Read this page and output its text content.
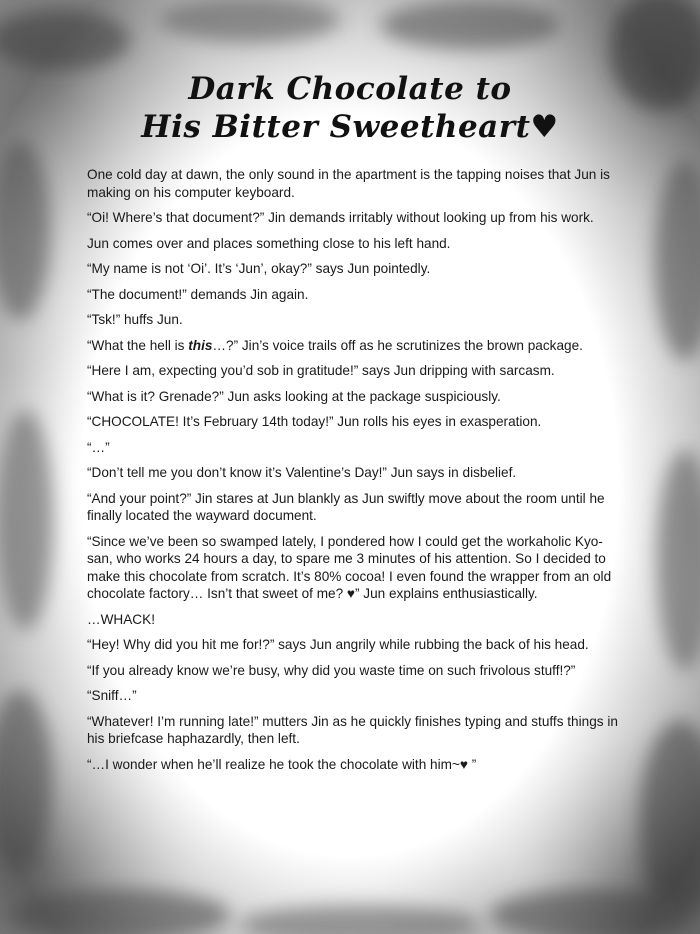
Dark Chocolate to
His Bitter Sweetheart♥

One cold day at dawn, the only sound in the apartment is the tapping noises that Jun is making on his computer keyboard.

“Oi! Where’s that document?” Jin demands irritably without looking up from his work.

Jun comes over and places something close to his left hand.

“My name is not ‘Oi’. It’s ‘Jun’, okay?” says Jun pointedly.

“The document!” demands Jin again.

“Tsk!” huffs Jun.

“What the hell is this…?” Jin’s voice trails off as he scrutinizes the brown package.

“Here I am, expecting you’d sob in gratitude!” says Jun dripping with sarcasm.

“What is it? Grenade?” Jun asks looking at the package suspiciously.

“CHOCOLATE! It’s February 14th today!” Jun rolls his eyes in exasperation.

“…”

“Don’t tell me you don’t know it’s Valentine’s Day!” Jun says in disbelief.

“And your point?” Jin stares at Jun blankly as Jun swiftly move about the room until he finally located the wayward document.

“Since we’ve been so swamped lately, I pondered how I could get the workaholic Kyo-san, who works 24 hours a day, to spare me 3 minutes of his attention. So I decided to make this chocolate from scratch. It’s 80% cocoa! I even found the wrapper from an old chocolate factory… Isn’t that sweet of me? ♥” Jun explains enthusiastically.

…WHACK!

“Hey! Why did you hit me for!?” says Jun angrily while rubbing the back of his head.

“If you already know we’re busy, why did you waste time on such frivolous stuff!?”

“Sniff…”

“Whatever! I’m running late!” mutters Jin as he quickly finishes typing and stuffs things in his briefcase haphazardly, then left.

“…I wonder when he’ll realize he took the chocolate with him~♥ ”
